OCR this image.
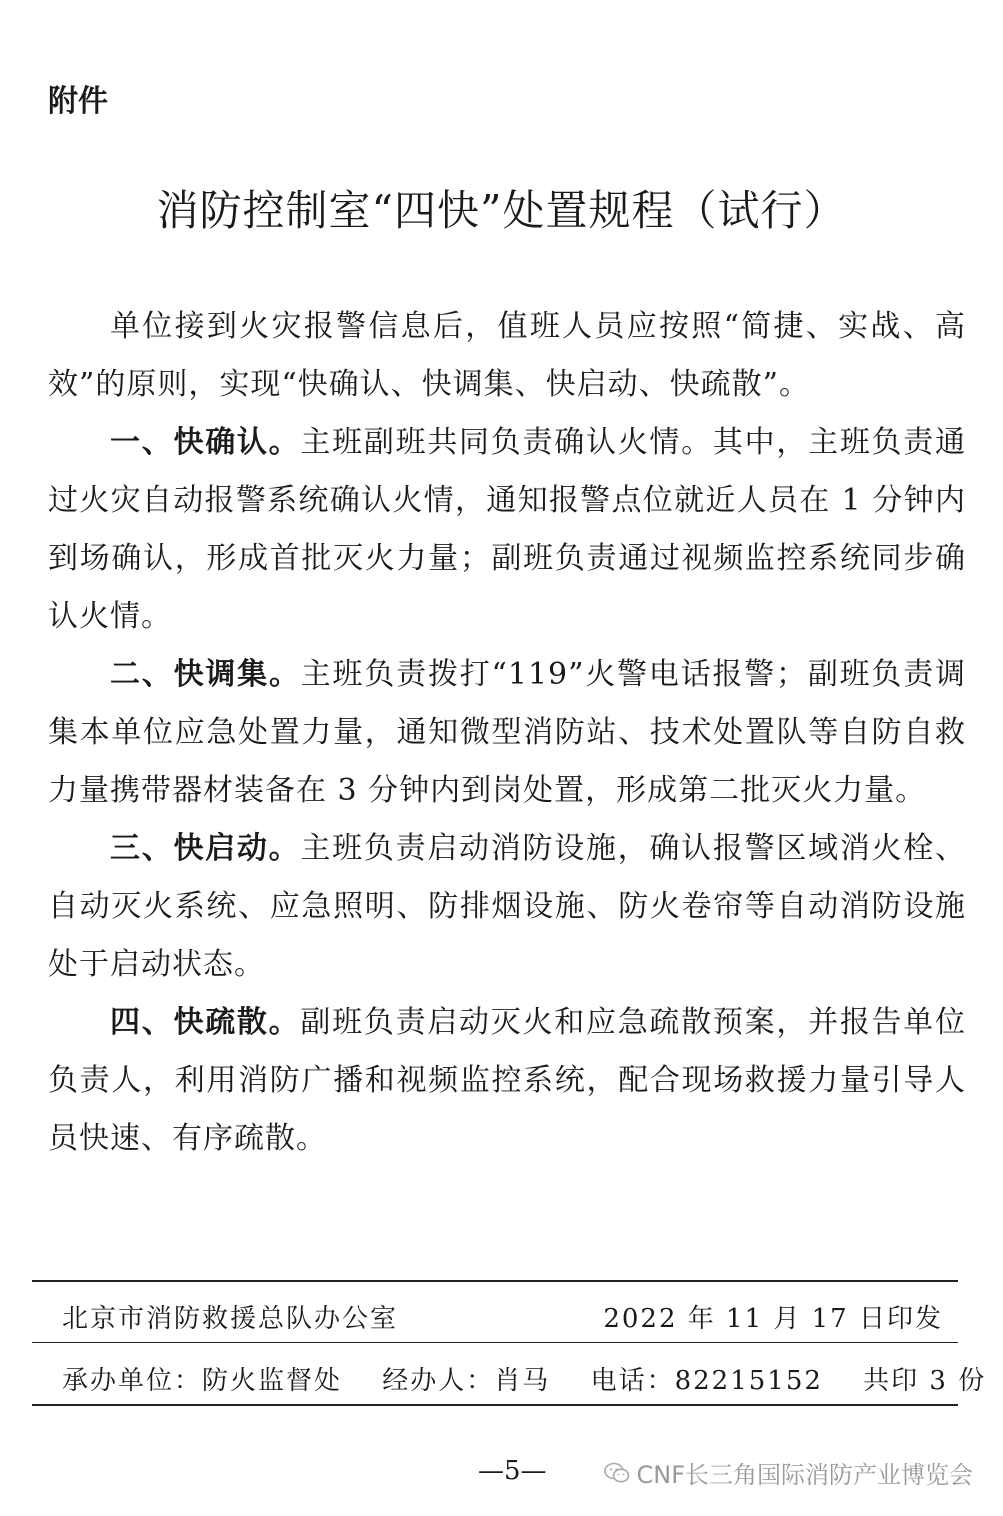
附件
消防控制室“四快”处置规程（试行）

单位接到火灾报警信息后，值班人员应按照“简捷、实战、高效”的原则，实现“快确认、快调集、快启动、快疏散”。

一、快确认。主班副班共同负责确认火情。其中，主班负责通过火灾自动报警系统确认火情，通知报警点位就近人员在 1 分钟内到场确认，形成首批灭火力量；副班负责通过视频监控系统同步确认火情。

二、快调集。主班负责拨打“119”火警电话报警；副班负责调集本单位应急处置力量，通知微型消防站、技术处置队等自防自救力量携带器材装备在 3 分钟内到岗处置，形成第二批灭火力量。

三、快启动。主班负责启动消防设施，确认报警区域消火栓、自动灭火系统、应急照明、防排烟设施、防火卷帘等自动消防设施处于启动状态。

四、快疏散。副班负责启动灭火和应急疏散预案，并报告单位负责人，利用消防广播和视频监控系统，配合现场救援力量引导人员快速、有序疏散。

北京市消防救援总队办公室	2022 年 11 月 17 日印发
承办单位：防火监督处 经办人：肖马 电话：82215152 共印 3 份
—5—	CNF长三角国际消防产业博览会
